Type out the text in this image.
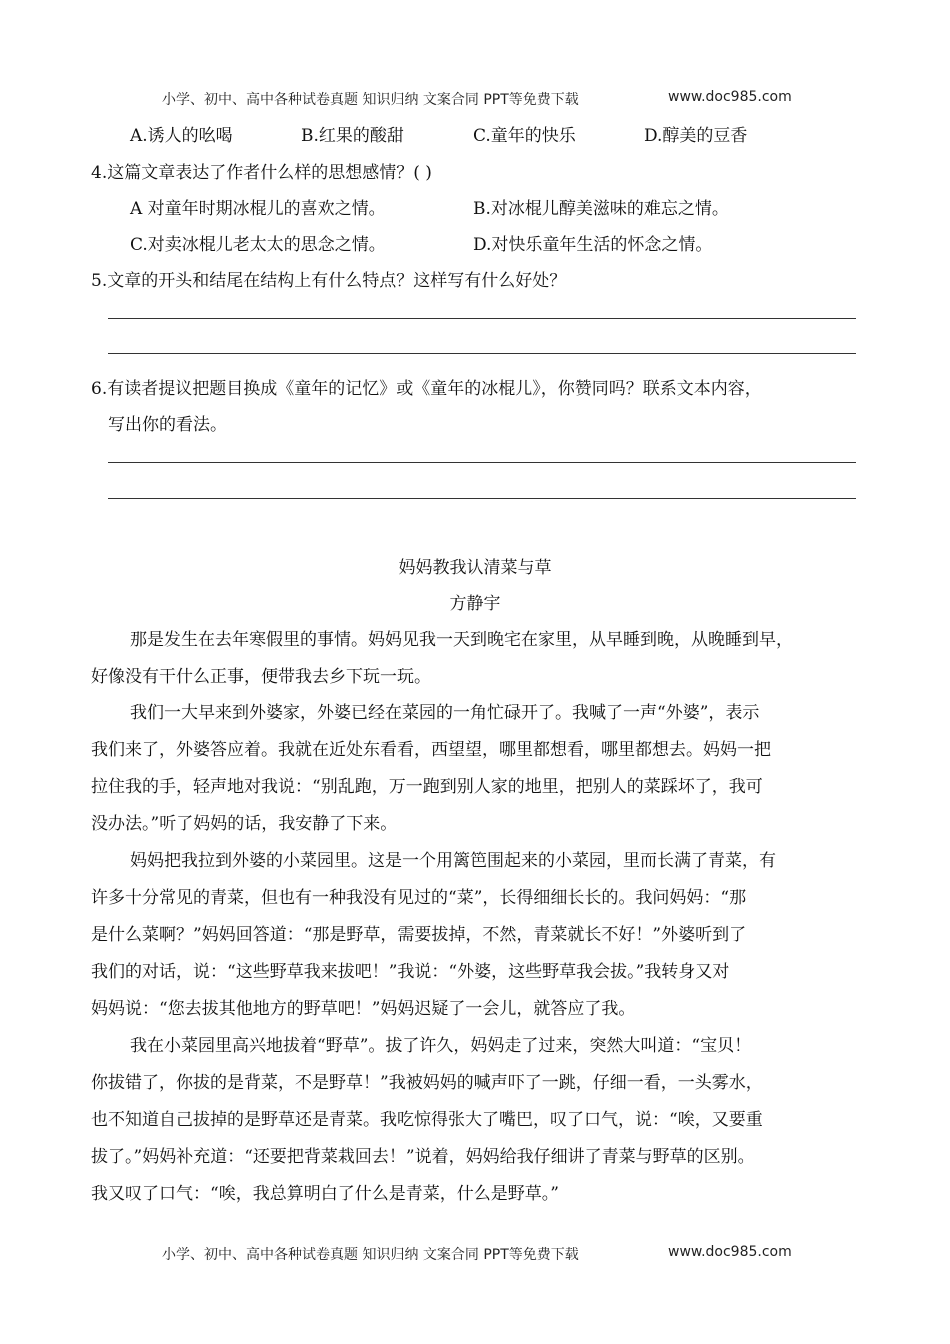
小学、初中、高中各种试卷真题 知识归纳 文案合同 PPT等免费下载	www.doc985.com
A.诱人的吆喝	B.红果的酸甜	C.童年的快乐	D.醇美的豆香
4.这篇文章表达了作者什么样的思想感情？( )
A 对童年时期冰棍儿的喜欢之情。	B.对冰棍儿醇美滋味的难忘之情。
C.对卖冰棍儿老太太的思念之情。	D.对快乐童年生活的怀念之情。
5.文章的开头和结尾在结构上有什么特点？这样写有什么好处？
6.有读者提议把题目换成《童年的记忆》或《童年的冰棍儿》，你赞同吗？联系文本内容，
写出你的看法。
妈妈教我认清菜与草
方静宇
那是发生在去年寒假里的事情。妈妈见我一天到晚宅在家里，从早睡到晚，从晚睡到早，
好像没有干什么正事，便带我去乡下玩一玩。
我们一大早来到外婆家，外婆已经在菜园的一角忙碌开了。我喊了一声“外婆”，表示
我们来了，外婆答应着。我就在近处东看看，西望望，哪里都想看，哪里都想去。妈妈一把
拉住我的手，轻声地对我说：“别乱跑，万一跑到别人家的地里，把别人的菜踩坏了，我可
没办法。”听了妈妈的话，我安静了下来。
妈妈把我拉到外婆的小菜园里。这是一个用篱笆围起来的小菜园，里而长满了青菜，有
许多十分常见的青菜，但也有一种我没有见过的“菜”，长得细细长长的。我问妈妈：“那
是什么菜啊？”妈妈回答道：“那是野草，需要拔掉，不然，青菜就长不好！”外婆听到了
我们的对话，说：“这些野草我来拔吧！”我说：“外婆，这些野草我会拔。”我转身又对
妈妈说：“您去拔其他地方的野草吧！”妈妈迟疑了一会儿，就答应了我。
我在小菜园里高兴地拔着“野草”。拔了许久，妈妈走了过来，突然大叫道：“宝贝！
你拔错了，你拔的是背菜，不是野草！”我被妈妈的喊声吓了一跳，仔细一看，一头雾水，
也不知道自己拔掉的是野草还是青菜。我吃惊得张大了嘴巴，叹了口气，说：“唉，又要重
拔了。”妈妈补充道：“还要把背菜栽回去！”说着，妈妈给我仔细讲了青菜与野草的区别。
我又叹了口气：“唉，我总算明白了什么是青菜，什么是野草。”
小学、初中、高中各种试卷真题 知识归纳 文案合同 PPT等免费下载	www.doc985.com
